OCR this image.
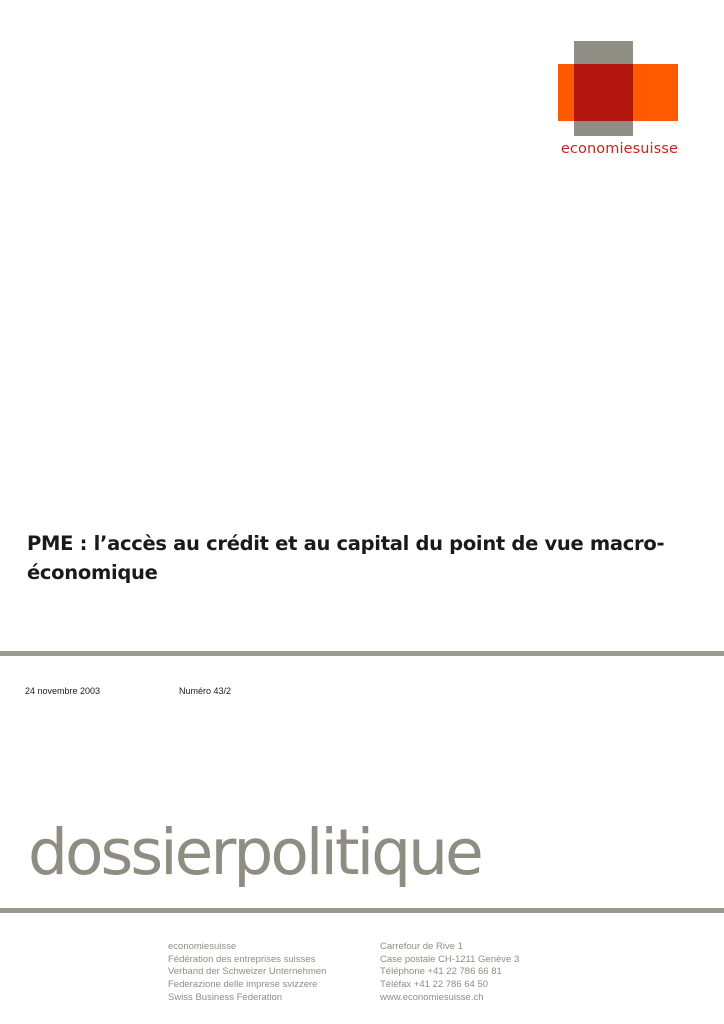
economiesuisse
PME : l’accès au crédit et au capital du point de vue macro-économique
24 novembre 2003	Numéro 43/2
dossierpolitique
economiesuisse
Fédération des entreprises suisses
Verband der Schweizer Unternehmen
Federazione delle imprese svizzere
Swiss Business Federation
Carrefour de Rive 1
Case postale CH-1211 Genève 3
Téléphone +41 22 786 66 81
Téléfax +41 22 786 64 50
www.economiesuisse.ch
